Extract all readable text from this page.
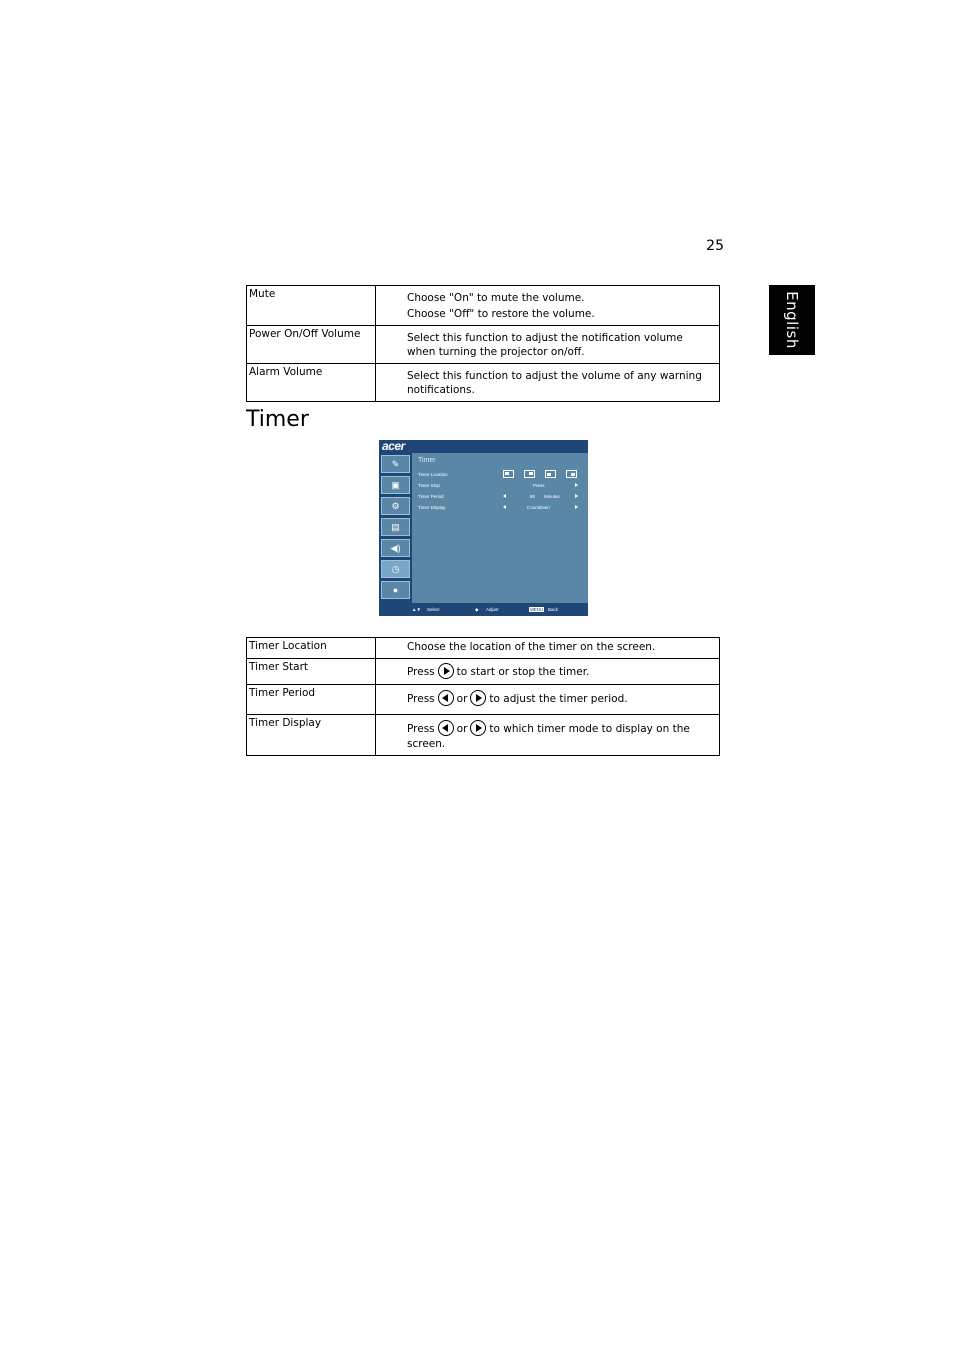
25
English
Mute	Choose "On" to mute the volume.

Choose "Off" to restore the volume.

Power On/Off Volume	Select this function to adjust the notification volume when turning the projector on/off.

Alarm Volume	Select this function to adjust the volume of any warning notifications.

Timer
acer
✎
▣
⚙
▤
◀)
◷
●
Timer
Timer Location
Timer Stop	Press
Timer Period	60 Minutes
Timer Display	Countdown
▲▼ Select	◆ Adjust	MENU Back
Timer Location	Choose the location of the timer on the screen.

Timer Start	Press to start or stop the timer.

Timer Period	Press or to adjust the timer period.

Timer Display	Press or to which timer mode to display on the screen.
